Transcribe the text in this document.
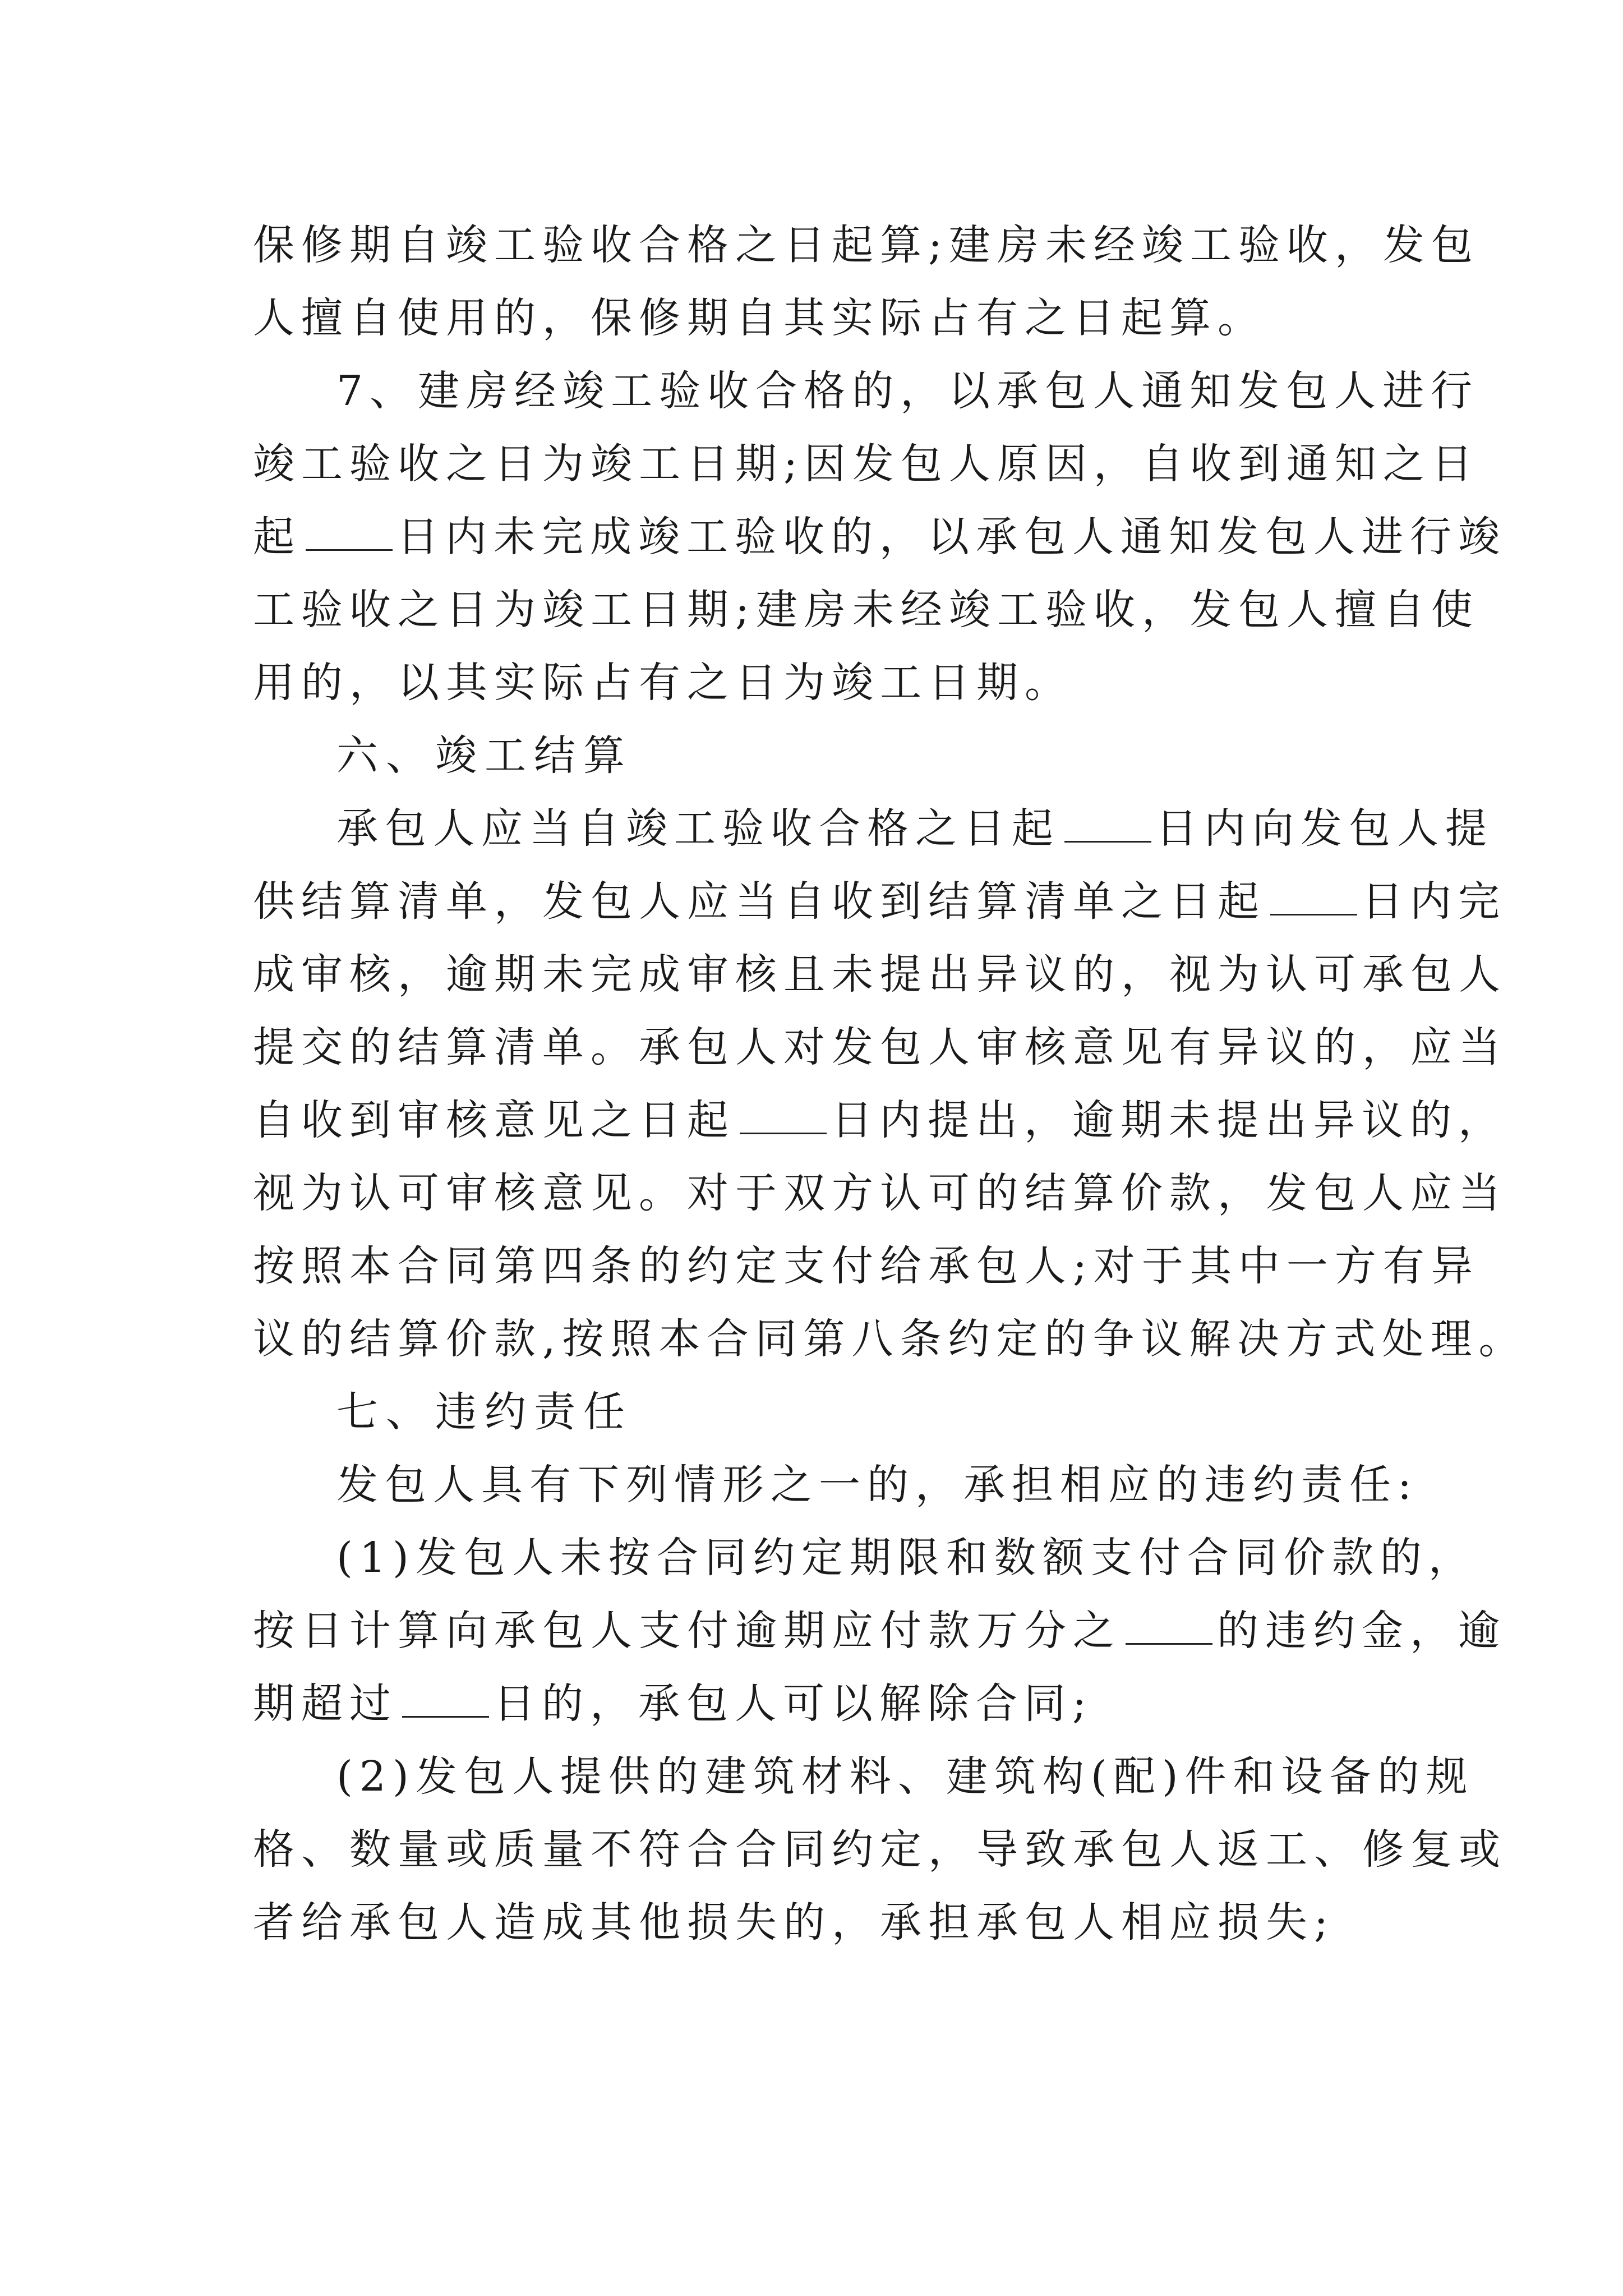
保修期自竣工验收合格之日起算;建房未经竣工验收，发包
人擅自使用的，保修期自其实际占有之日起算。
7、建房经竣工验收合格的，以承包人通知发包人进行
竣工验收之日为竣工日期;因发包人原因，自收到通知之日
起 日内未完成竣工验收的，以承包人通知发包人进行竣
工验收之日为竣工日期;建房未经竣工验收，发包人擅自使
用的，以其实际占有之日为竣工日期。
六、竣工结算
承包人应当自竣工验收合格之日起 日内向发包人提
供结算清单，发包人应当自收到结算清单之日起 日内完
成审核，逾期未完成审核且未提出异议的，视为认可承包人
提交的结算清单。承包人对发包人审核意见有异议的，应当
自收到审核意见之日起 日内提出，逾期未提出异议的，
视为认可审核意见。对于双方认可的结算价款，发包人应当
按照本合同第四条的约定支付给承包人;对于其中一方有异
议的结算价款,按照本合同第八条约定的争议解决方式处理。
七、违约责任
发包人具有下列情形之一的，承担相应的违约责任:
(1)发包人未按合同约定期限和数额支付合同价款的，
按日计算向承包人支付逾期应付款万分之 的违约金，逾
期超过 日的，承包人可以解除合同;
(2)发包人提供的建筑材料、建筑构(配)件和设备的规
格、数量或质量不符合合同约定，导致承包人返工、修复或
者给承包人造成其他损失的，承担承包人相应损失;
